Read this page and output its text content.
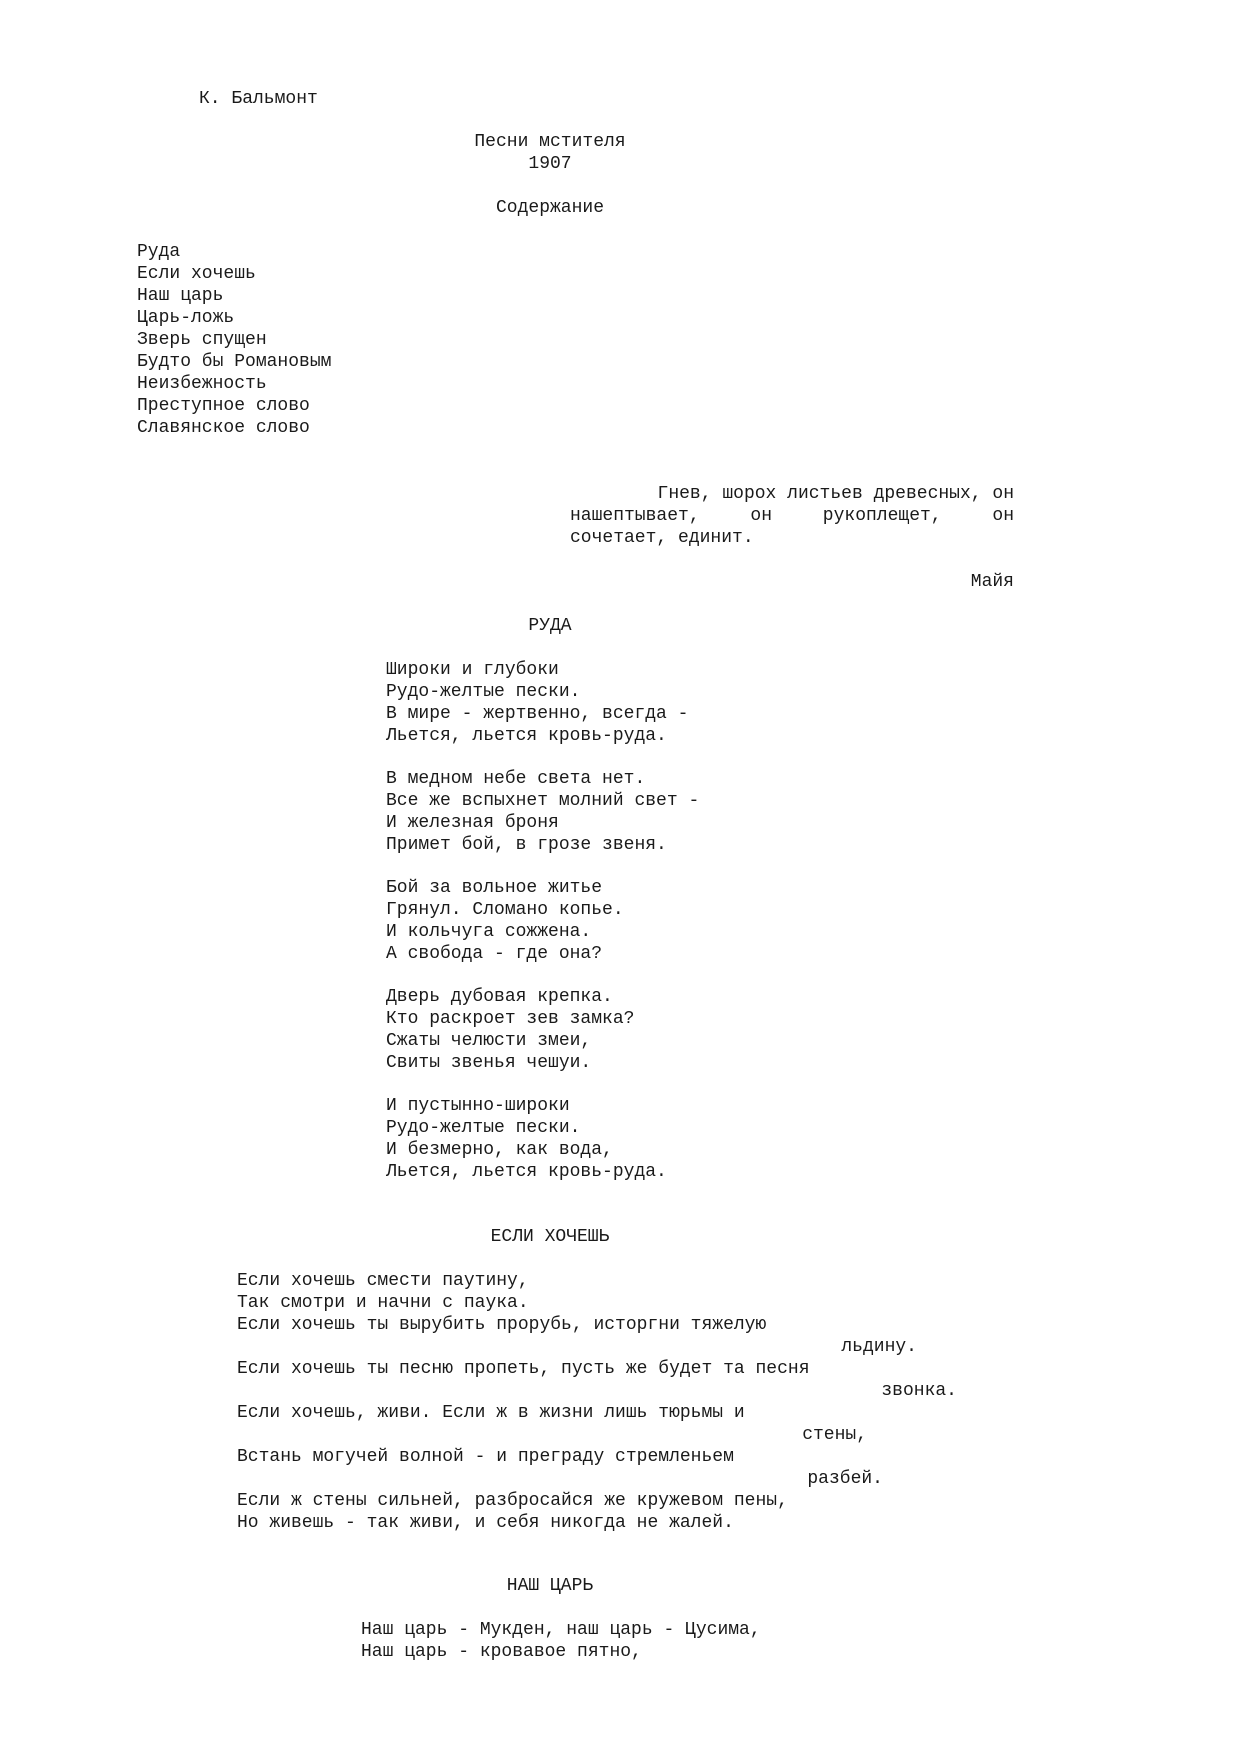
К. Бальмонт
Песни мстителя
1907
Содержание
Руда
Если хочешь
Наш царь
Царь-ложь
Зверь спущен
Будто бы Романовым
Неизбежность
Преступное слово
Славянское слово
Гнев, шорох листьев древесных, он
нашептывает, он рукоплещет, он
сочетает, единит.
Майя
РУДА
Широки и глубоки
Рудо-желтые пески.
В мире - жертвенно, всегда -
Льется, льется кровь-руда.
В медном небе света нет.
Все же вспыхнет молний свет -
И железная броня
Примет бой, в грозе звеня.
Бой за вольное житье
Грянул. Сломано копье.
И кольчуга сожжена.
А свобода - где она?
Дверь дубовая крепка.
Кто раскроет зев замка?
Сжаты челюсти змеи,
Свиты звенья чешуи.
И пустынно-широки
Рудо-желтые пески.
И безмерно, как вода,
Льется, льется кровь-руда.
ЕСЛИ ХОЧЕШЬ
Если хочешь смести паутину,
Так смотри и начни с паука.
Если хочешь ты вырубить прорубь, исторгни тяжелую
льдину.
Если хочешь ты песню пропеть, пусть же будет та песня
звонка.
Если хочешь, живи. Если ж в жизни лишь тюрьмы и
стены,
Встань могучей волной - и преграду стремленьем
разбей.
Если ж стены сильней, разбросайся же кружевом пены,
Но живешь - так живи, и себя никогда не жалей.
НАШ ЦАРЬ
Наш царь - Мукден, наш царь - Цусима,
Наш царь - кровавое пятно,
